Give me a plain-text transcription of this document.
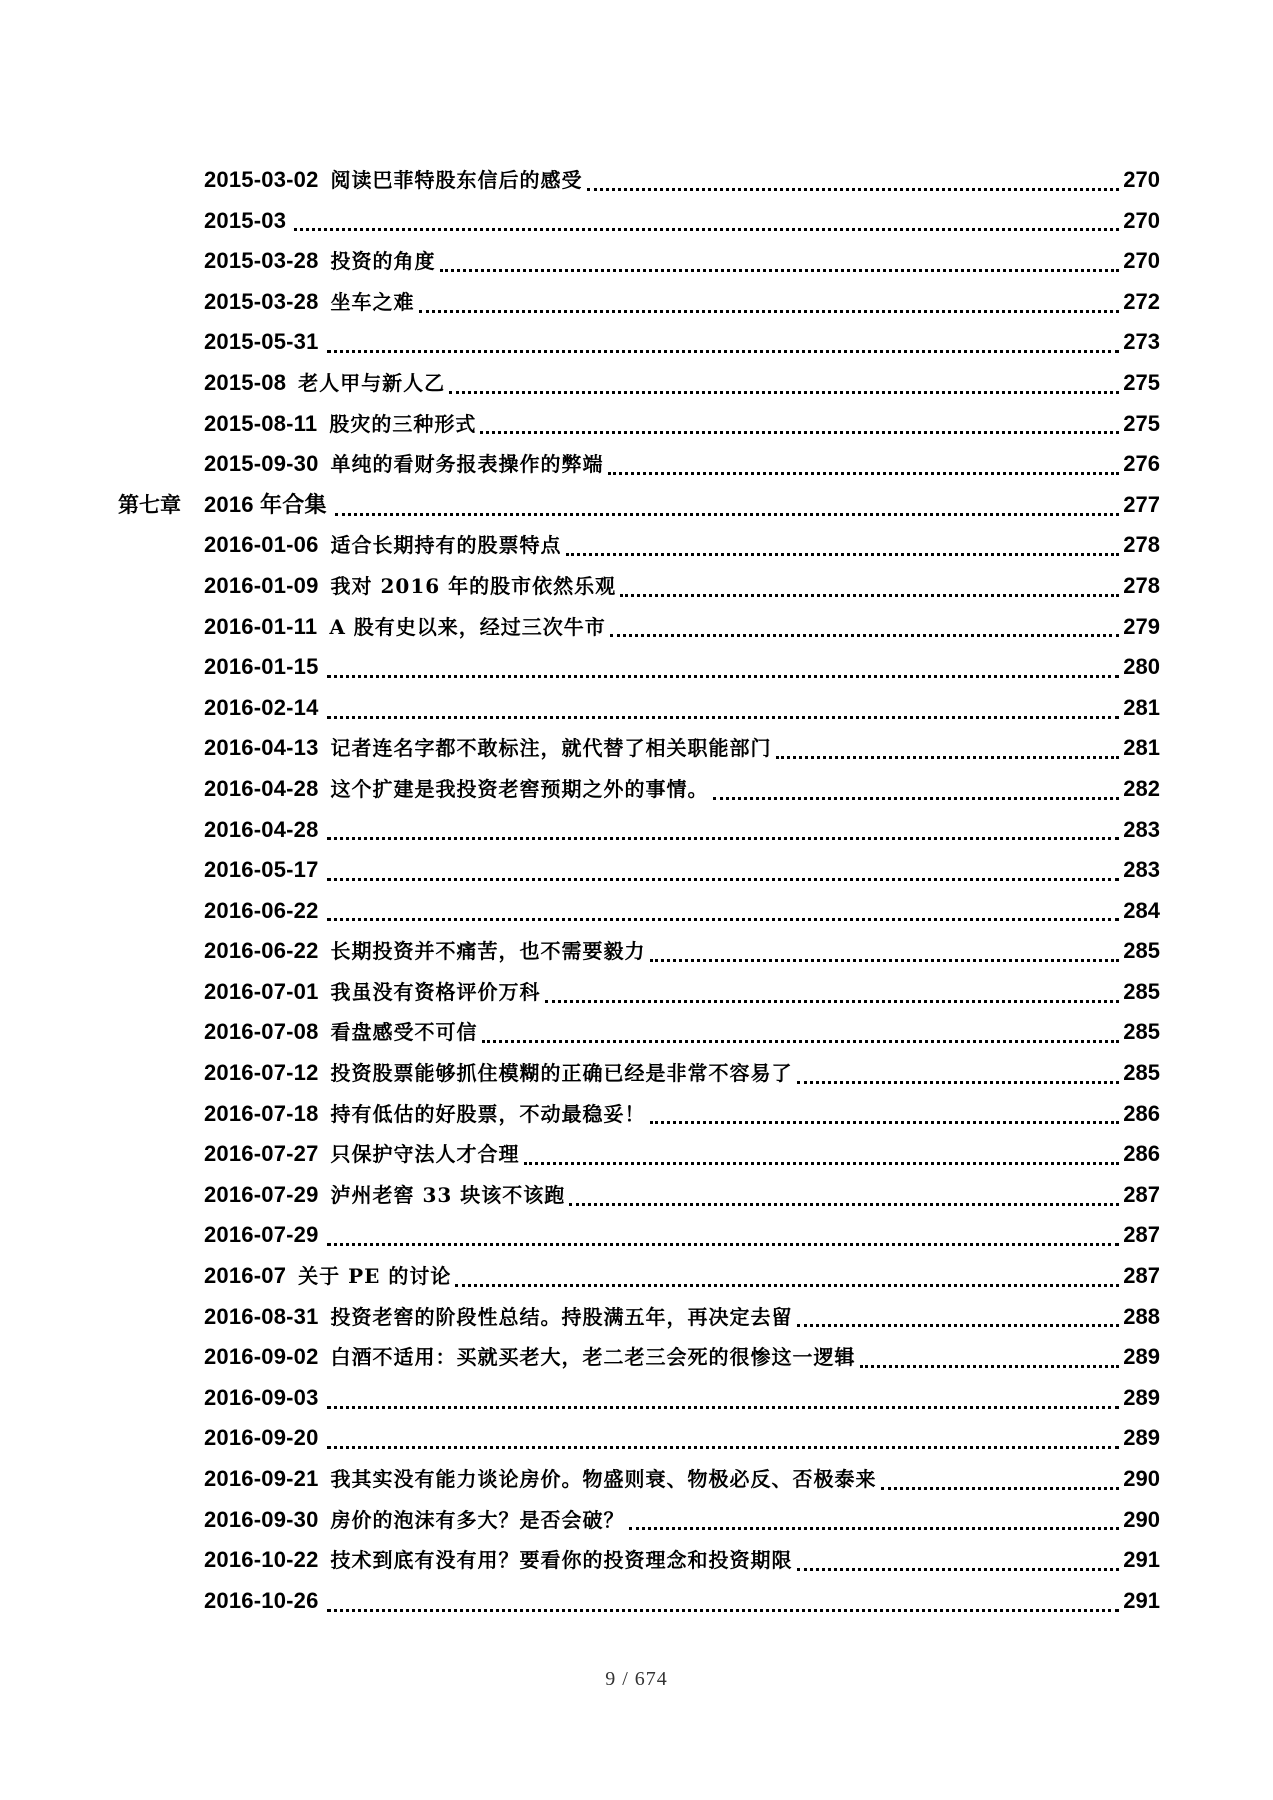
2015-03-02 阅读巴菲特股东信后的感受	270
2015-03	270
2015-03-28 投资的角度	270
2015-03-28 坐车之难	272
2015-05-31	273
2015-08 老人甲与新人乙	275
2015-08-11 股灾的三种形式	275
2015-09-30 单纯的看财务报表操作的弊端	276
第七章	2016 年合集	277
2016-01-06 适合长期持有的股票特点	278
2016-01-09 我对 2016 年的股市依然乐观	278
2016-01-11 A 股有史以来，经过三次牛市	279
2016-01-15	280
2016-02-14	281
2016-04-13 记者连名字都不敢标注，就代替了相关职能部门	281
2016-04-28 这个扩建是我投资老窖预期之外的事情。	282
2016-04-28	283
2016-05-17	283
2016-06-22	284
2016-06-22 长期投资并不痛苦，也不需要毅力	285
2016-07-01 我虽没有资格评价万科	285
2016-07-08 看盘感受不可信	285
2016-07-12 投资股票能够抓住模糊的正确已经是非常不容易了	285
2016-07-18 持有低估的好股票，不动最稳妥！	286
2016-07-27 只保护守法人才合理	286
2016-07-29 泸州老窖 33 块该不该跑	287
2016-07-29	287
2016-07 关于 PE 的讨论	287
2016-08-31 投资老窖的阶段性总结。持股满五年，再决定去留	288
2016-09-02 白酒不适用：买就买老大，老二老三会死的很惨这一逻辑	289
2016-09-03	289
2016-09-20	289
2016-09-21 我其实没有能力谈论房价。物盛则衰、物极必反、否极泰来	290
2016-09-30 房价的泡沫有多大？是否会破？	290
2016-10-22 技术到底有没有用？要看你的投资理念和投资期限	291
2016-10-26	291
9 / 674
